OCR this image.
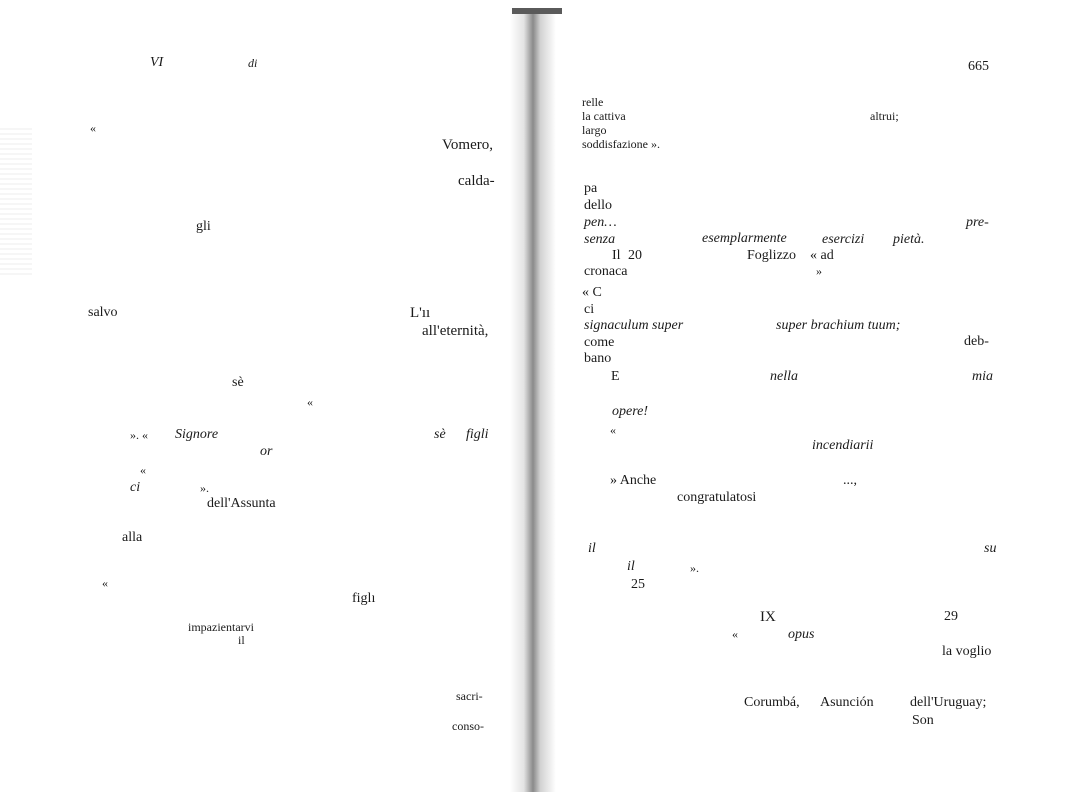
VI	di
«
Vomero,
calda-
gli
salvo	L'ıı
all'eternità,
sè
«
». « Signore	sè figli
or
«
ci	».
dell'Assunta
alla
«
figlı
impazientarvi
il
sacri-
conso-
665
relle
la cattiva	altrui;
largo
soddisfazione ».
pa
dello
pen…	pre-
senza	esemplarmente	esercizi pietà.
Il 20	Foglizzo « ad
cronaca	»
« C
ci
signaculum super	super brachium tuum;
come	deb-
bano
E	nella	mia
opere!
«
incendiarii
» Anche	...,
congratulatosi
il	su
il	».
25
IX	29
«	opus
la voglio
Corumbá, Asunción	dell'Uruguay;
Son
